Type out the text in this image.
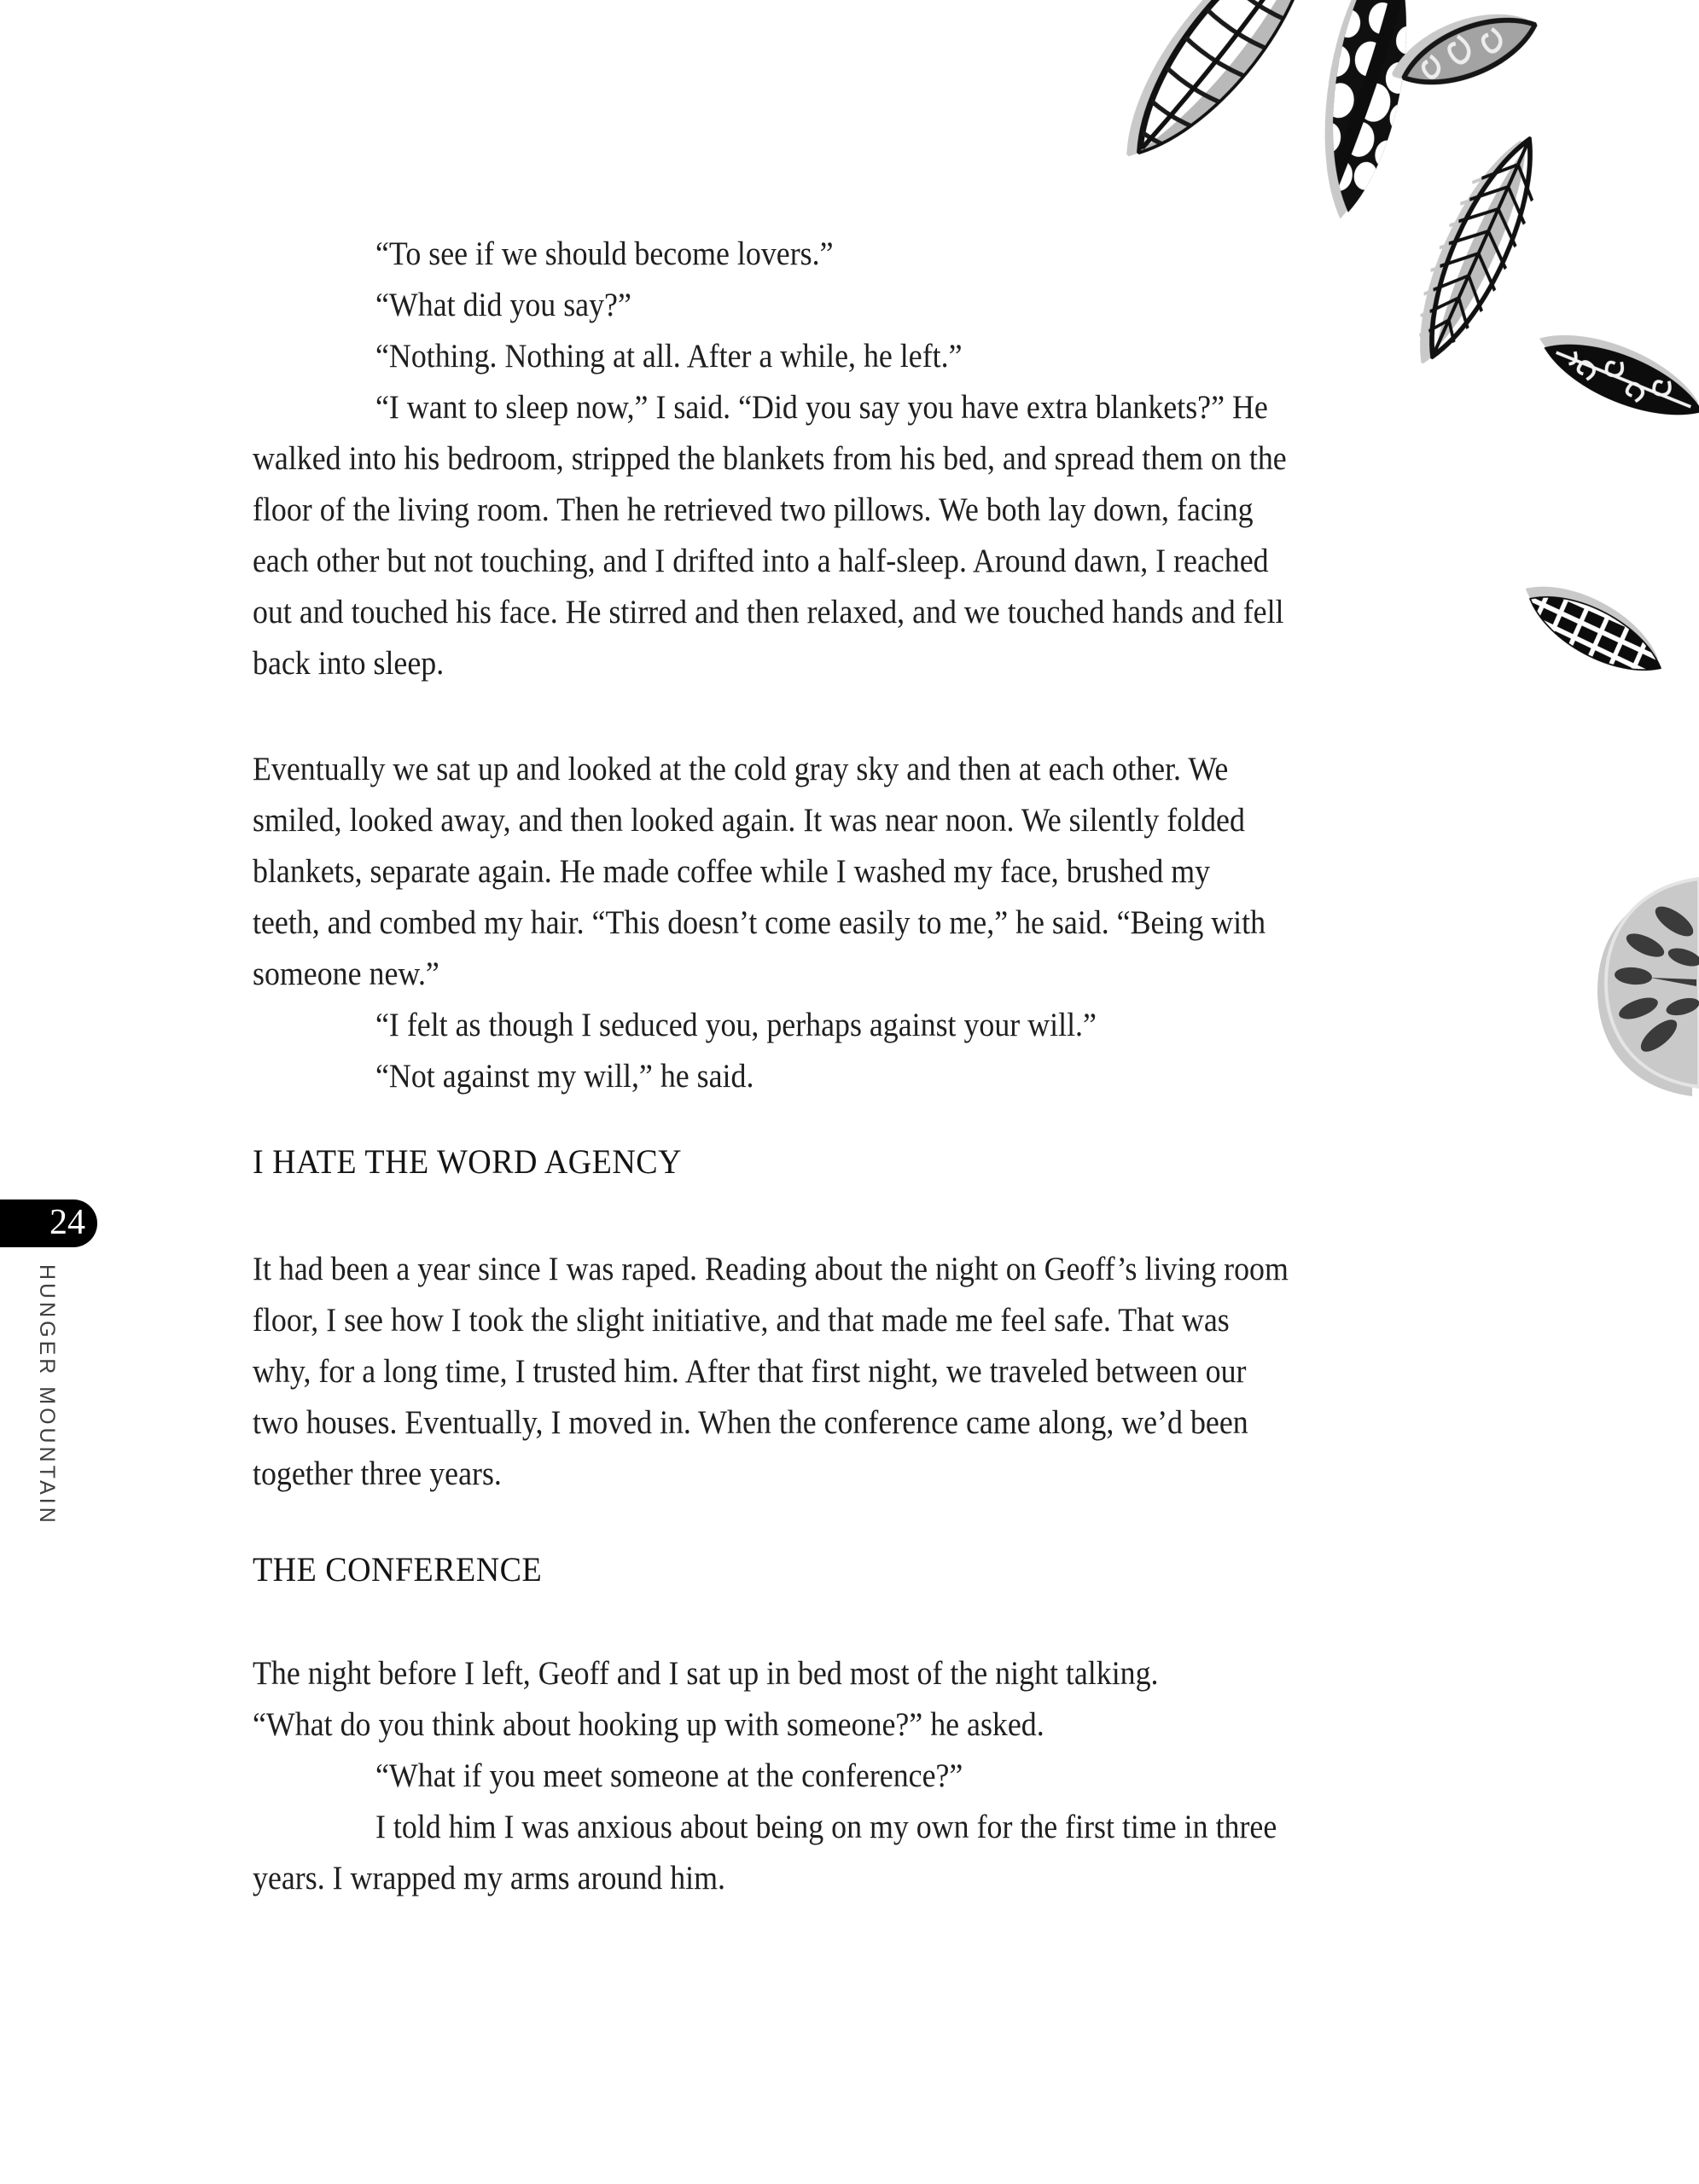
24
HUNGER MOUNTAIN
“To see if we should become lovers.”
“What did you say?”
“Nothing. Nothing at all. After a while, he left.”
“I want to sleep now,” I said. “Did you say you have extra blankets?” He
walked into his bedroom, stripped the blankets from his bed, and spread them on the
floor of the living room. Then he retrieved two pillows. We both lay down, facing
each other but not touching, and I drifted into a half-sleep. Around dawn, I reached
out and touched his face. He stirred and then relaxed, and we touched hands and fell
back into sleep.
Eventually we sat up and looked at the cold gray sky and then at each other. We
smiled, looked away, and then looked again. It was near noon. We silently folded
blankets, separate again. He made coffee while I washed my face, brushed my
teeth, and combed my hair. “This doesn’t come easily to me,” he said. “Being with
someone new.”
“I felt as though I seduced you, perhaps against your will.”
“Not against my will,” he said.
I HATE THE WORD AGENCY
It had been a year since I was raped. Reading about the night on Geoff’s living room
floor, I see how I took the slight initiative, and that made me feel safe. That was
why, for a long time, I trusted him. After that first night, we traveled between our
two houses. Eventually, I moved in. When the conference came along, we’d been
together three years.
THE CONFERENCE
The night before I left, Geoff and I sat up in bed most of the night talking.
“What do you think about hooking up with someone?” he asked.
“What if you meet someone at the conference?”
I told him I was anxious about being on my own for the first time in three
years. I wrapped my arms around him.
